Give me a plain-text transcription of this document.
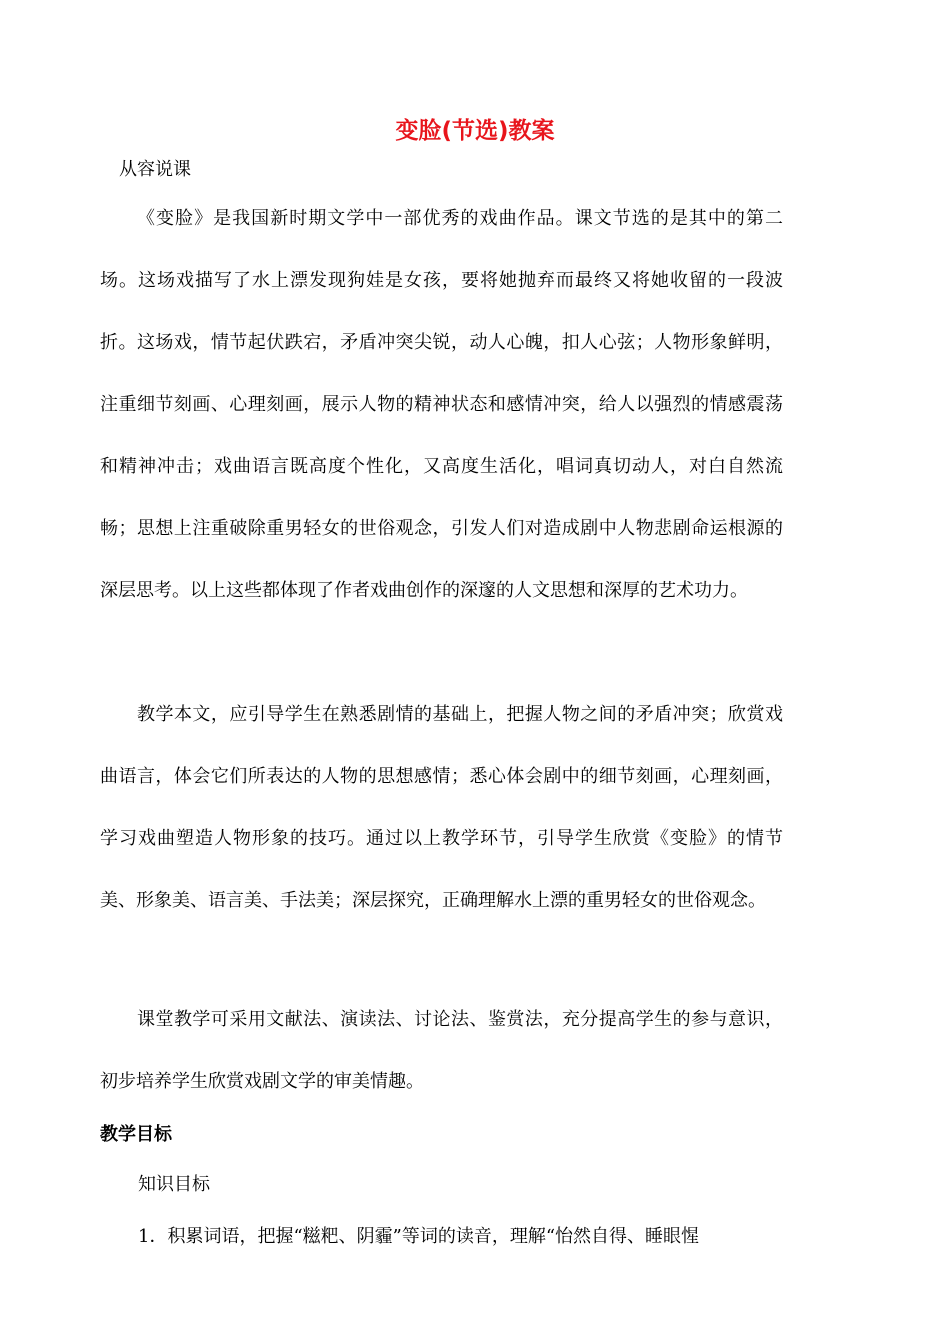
变脸(节选)教案
从容说课

《变脸》是我国新时期文学中一部优秀的戏曲作品。课文节选的是其中的第二场。这场戏描写了水上漂发现狗娃是女孩，要将她抛弃而最终又将她收留的一段波折。这场戏，情节起伏跌宕，矛盾冲突尖锐，动人心魄，扣人心弦；人物形象鲜明，注重细节刻画、心理刻画，展示人物的精神状态和感情冲突，给人以强烈的情感震荡和精神冲击；戏曲语言既高度个性化，又高度生活化，唱词真切动人，对白自然流畅；思想上注重破除重男轻女的世俗观念，引发人们对造成剧中人物悲剧命运根源的深层思考。以上这些都体现了作者戏曲创作的深邃的人文思想和深厚的艺术功力。

教学本文，应引导学生在熟悉剧情的基础上，把握人物之间的矛盾冲突；欣赏戏曲语言，体会它们所表达的人物的思想感情；悉心体会剧中的细节刻画，心理刻画，学习戏曲塑造人物形象的技巧。通过以上教学环节，引导学生欣赏《变脸》的情节美、形象美、语言美、手法美；深层探究，正确理解水上漂的重男轻女的世俗观念。

课堂教学可采用文献法、演读法、讨论法、鉴赏法，充分提高学生的参与意识，初步培养学生欣赏戏剧文学的审美情趣。

教学目标
知识目标
1．积累词语，把握“糍粑、阴霾”等词的读音，理解“怡然自得、睡眼惺
